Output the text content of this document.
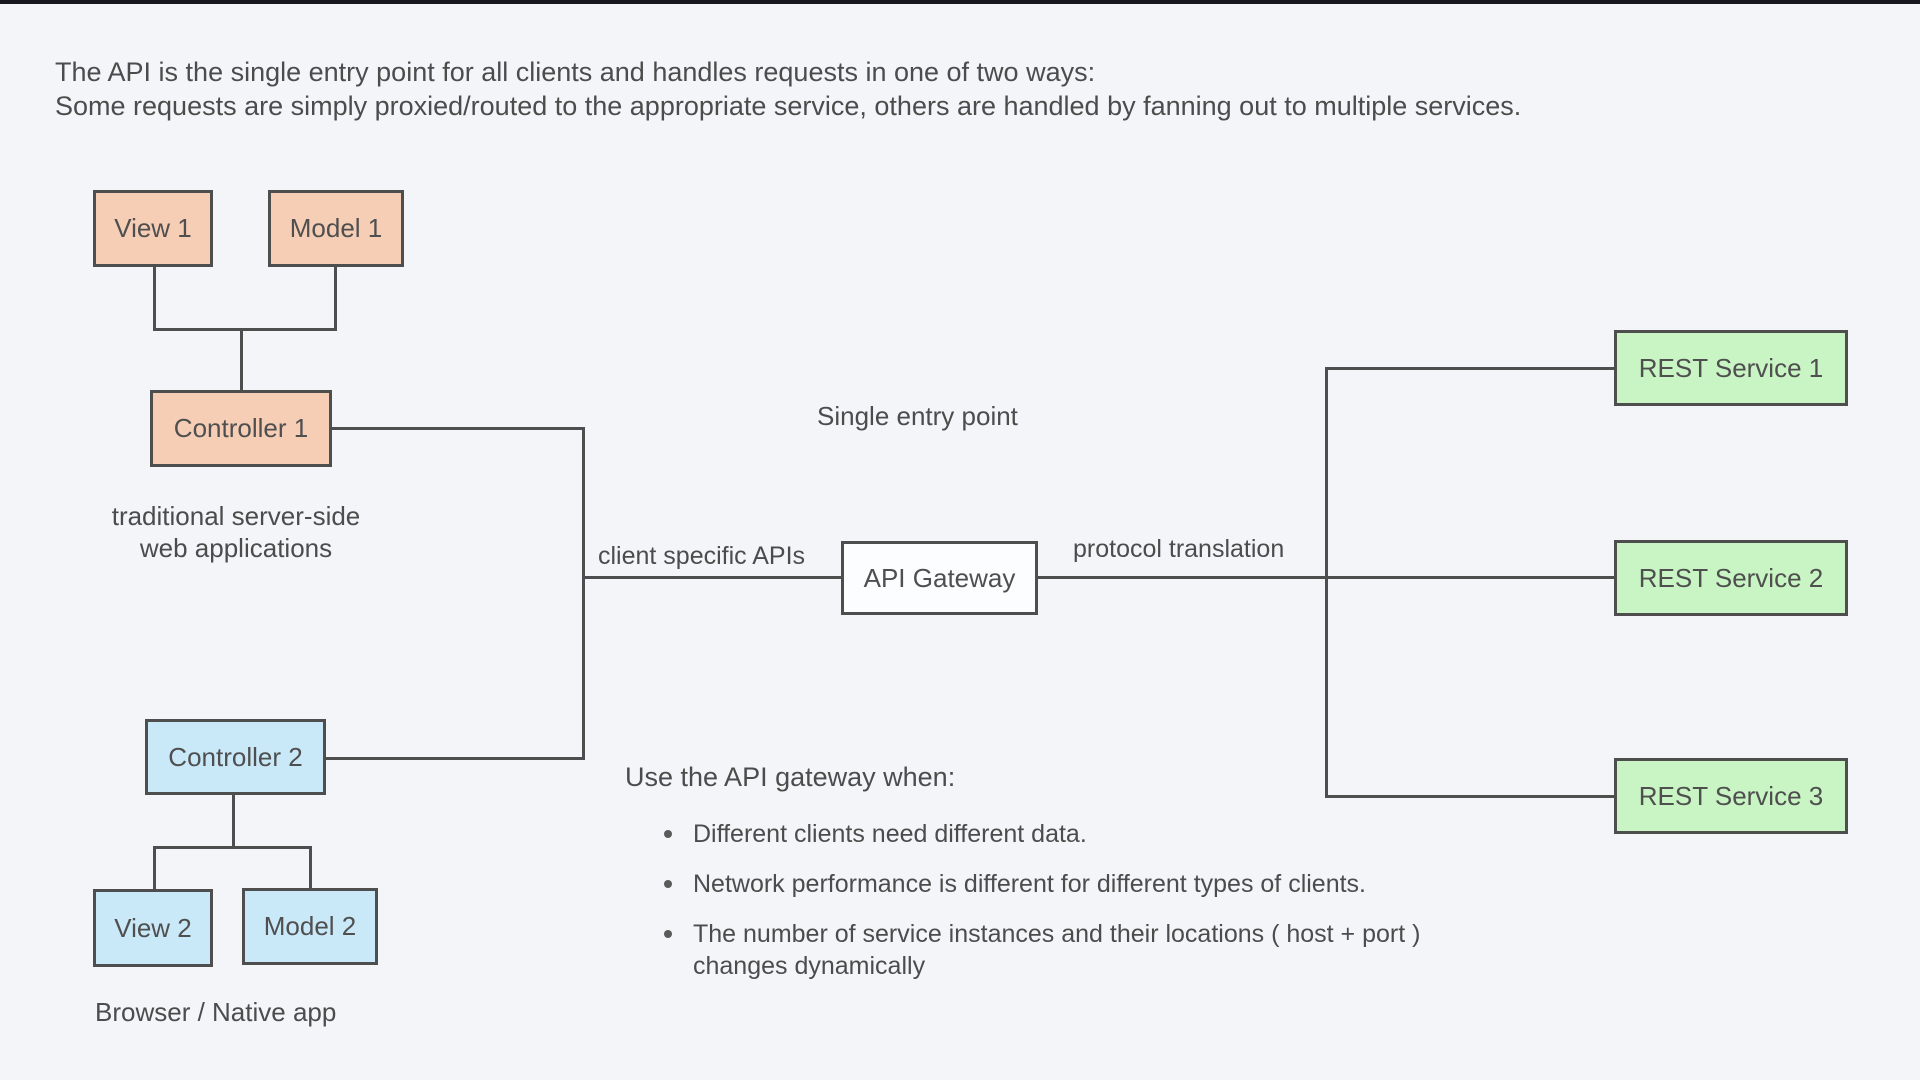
The API is the single entry point for all clients and handles requests in one of two ways:
Some requests are simply proxied/routed to the appropriate service, others are handled by fanning out to multiple services.
View 1	Model 1
Controller 1
traditional server-side
web applications
Controller 2
View 2	Model 2
Browser / Native app
API Gateway
Single entry point
client specific APIs	protocol translation
REST Service 1
REST Service 2
REST Service 3
Use the API gateway when:
Different clients need different data.
Network performance is different for different types of clients.
The number of service instances and their locations ( host + port ) changes dynamically
